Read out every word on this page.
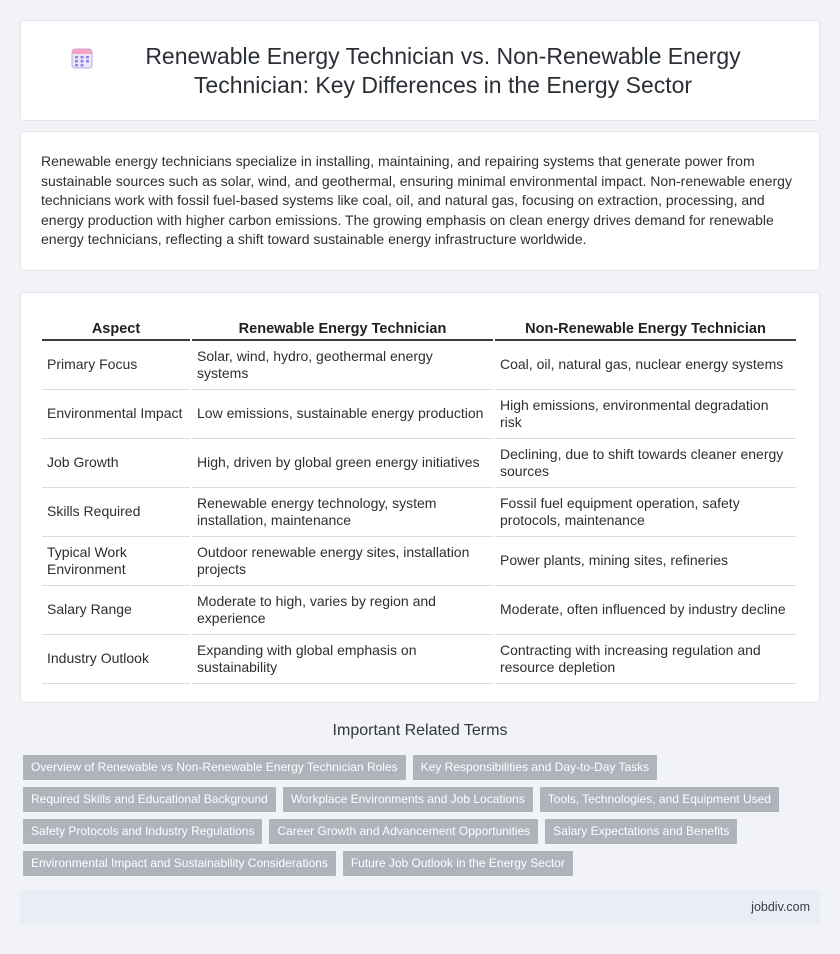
Renewable Energy Technician vs. Non-Renewable Energy Technician: Key Differences in the Energy Sector

Renewable energy technicians specialize in installing, maintaining, and repairing systems that generate power from sustainable sources such as solar, wind, and geothermal, ensuring minimal environmental impact. Non-renewable energy technicians work with fossil fuel-based systems like coal, oil, and natural gas, focusing on extraction, processing, and energy production with higher carbon emissions. The growing emphasis on clean energy drives demand for renewable energy technicians, reflecting a shift toward sustainable energy infrastructure worldwide.

Aspect	Renewable Energy Technician	Non-Renewable Energy Technician
Primary Focus	Solar, wind, hydro, geothermal energy systems	Coal, oil, natural gas, nuclear energy systems
Environmental Impact	Low emissions, sustainable energy production	High emissions, environmental degradation risk
Job Growth	High, driven by global green energy initiatives	Declining, due to shift towards cleaner energy sources
Skills Required	Renewable energy technology, system installation, maintenance	Fossil fuel equipment operation, safety protocols, maintenance
Typical Work Environment	Outdoor renewable energy sites, installation projects	Power plants, mining sites, refineries
Salary Range	Moderate to high, varies by region and experience	Moderate, often influenced by industry decline
Industry Outlook	Expanding with global emphasis on sustainability	Contracting with increasing regulation and resource depletion
Important Related Terms
Overview of Renewable vs Non-Renewable Energy Technician Roles	Key Responsibilities and Day-to-Day Tasks
Required Skills and Educational Background	Workplace Environments and Job Locations	Tools, Technologies, and Equipment Used
Safety Protocols and Industry Regulations	Career Growth and Advancement Opportunities	Salary Expectations and Benefits
Environmental Impact and Sustainability Considerations	Future Job Outlook in the Energy Sector
jobdiv.com
